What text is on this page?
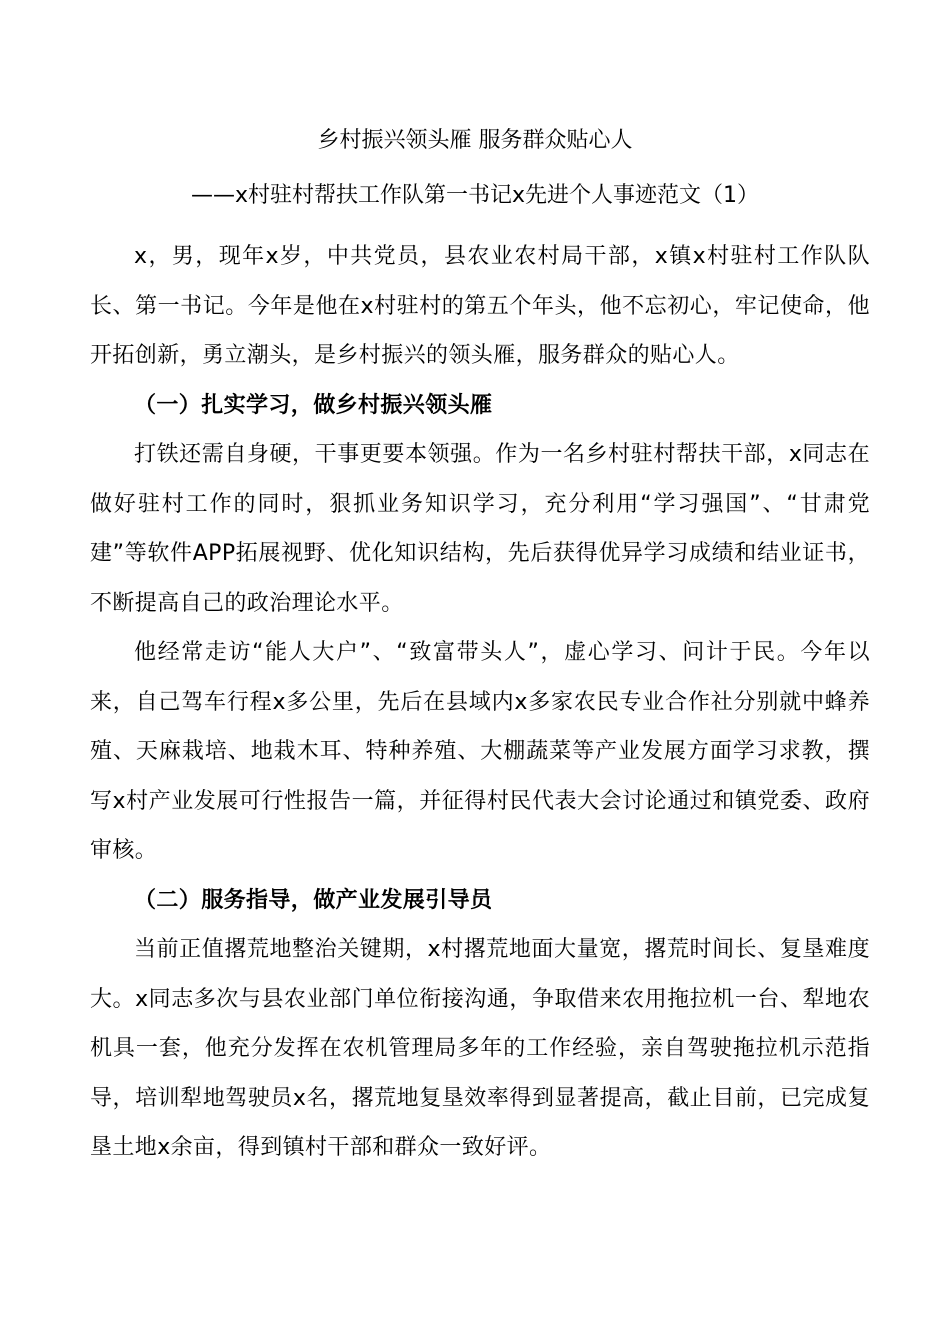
乡村振兴领头雁 服务群众贴心人
——x村驻村帮扶工作队第一书记x先进个人事迹范文（1）

x，男，现年x岁，中共党员，县农业农村局干部，x镇x村驻村工作队队长、第一书记。今年是他在x村驻村的第五个年头，他不忘初心，牢记使命，他开拓创新，勇立潮头，是乡村振兴的领头雁，服务群众的贴心人。

（一）扎实学习，做乡村振兴领头雁

打铁还需自身硬，干事更要本领强。作为一名乡村驻村帮扶干部，x同志在做好驻村工作的同时，狠抓业务知识学习，充分利用“学习强国”、“甘肃党建”等软件APP拓展视野、优化知识结构，先后获得优异学习成绩和结业证书，不断提高自己的政治理论水平。

他经常走访“能人大户”、“致富带头人”，虚心学习、问计于民。今年以来，自己驾车行程x多公里，先后在县域内x多家农民专业合作社分别就中蜂养殖、天麻栽培、地栽木耳、特种养殖、大棚蔬菜等产业发展方面学习求教，撰写x村产业发展可行性报告一篇，并征得村民代表大会讨论通过和镇党委、政府审核。

（二）服务指导，做产业发展引导员

当前正值撂荒地整治关键期，x村撂荒地面大量宽，撂荒时间长、复垦难度大。x同志多次与县农业部门单位衔接沟通，争取借来农用拖拉机一台、犁地农机具一套，他充分发挥在农机管理局多年的工作经验，亲自驾驶拖拉机示范指导，培训犁地驾驶员x名，撂荒地复垦效率得到显著提高，截止目前，已完成复垦土地x余亩，得到镇村干部和群众一致好评。
